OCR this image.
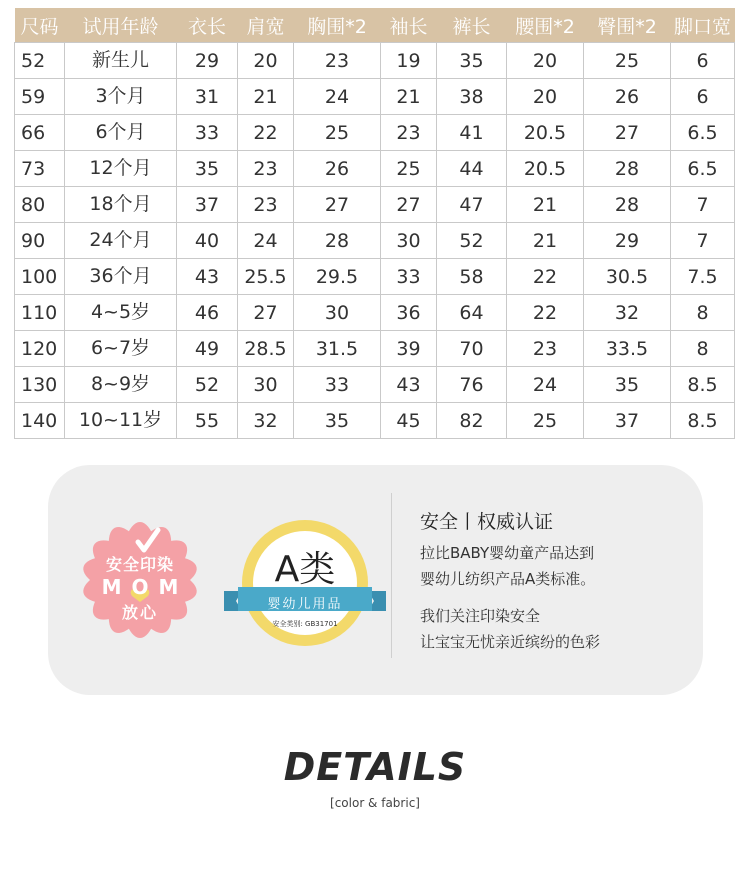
尺码	试用年龄	衣长	肩宽	胸围*2	袖长	裤长	腰围*2	臀围*2	脚口宽
52	新生儿	29	20	23	19	35	20	25	6
59	3个月	31	21	24	21	38	20	26	6
66	6个月	33	22	25	23	41	20.5	27	6.5
73	12个月	35	23	26	25	44	20.5	28	6.5
80	18个月	37	23	27	27	47	21	28	7
90	24个月	40	24	28	30	52	21	29	7
100	36个月	43	25.5	29.5	33	58	22	30.5	7.5
110	4~5岁	46	27	30	36	64	22	32	8
120	6~7岁	49	28.5	31.5	39	70	23	33.5	8
130	8~9岁	52	30	33	43	76	24	35	8.5
140	10~11岁	55	32	35	45	82	25	37	8.5
安全印染
MOM
放心
A类
婴幼儿用品
安全类别: GB31701
安全丨权威认证
拉比BABY婴幼童产品达到
婴幼儿纺织产品A类标准。
我们关注印染安全
让宝宝无忧亲近缤纷的色彩
DETAILS
[color & fabric]
